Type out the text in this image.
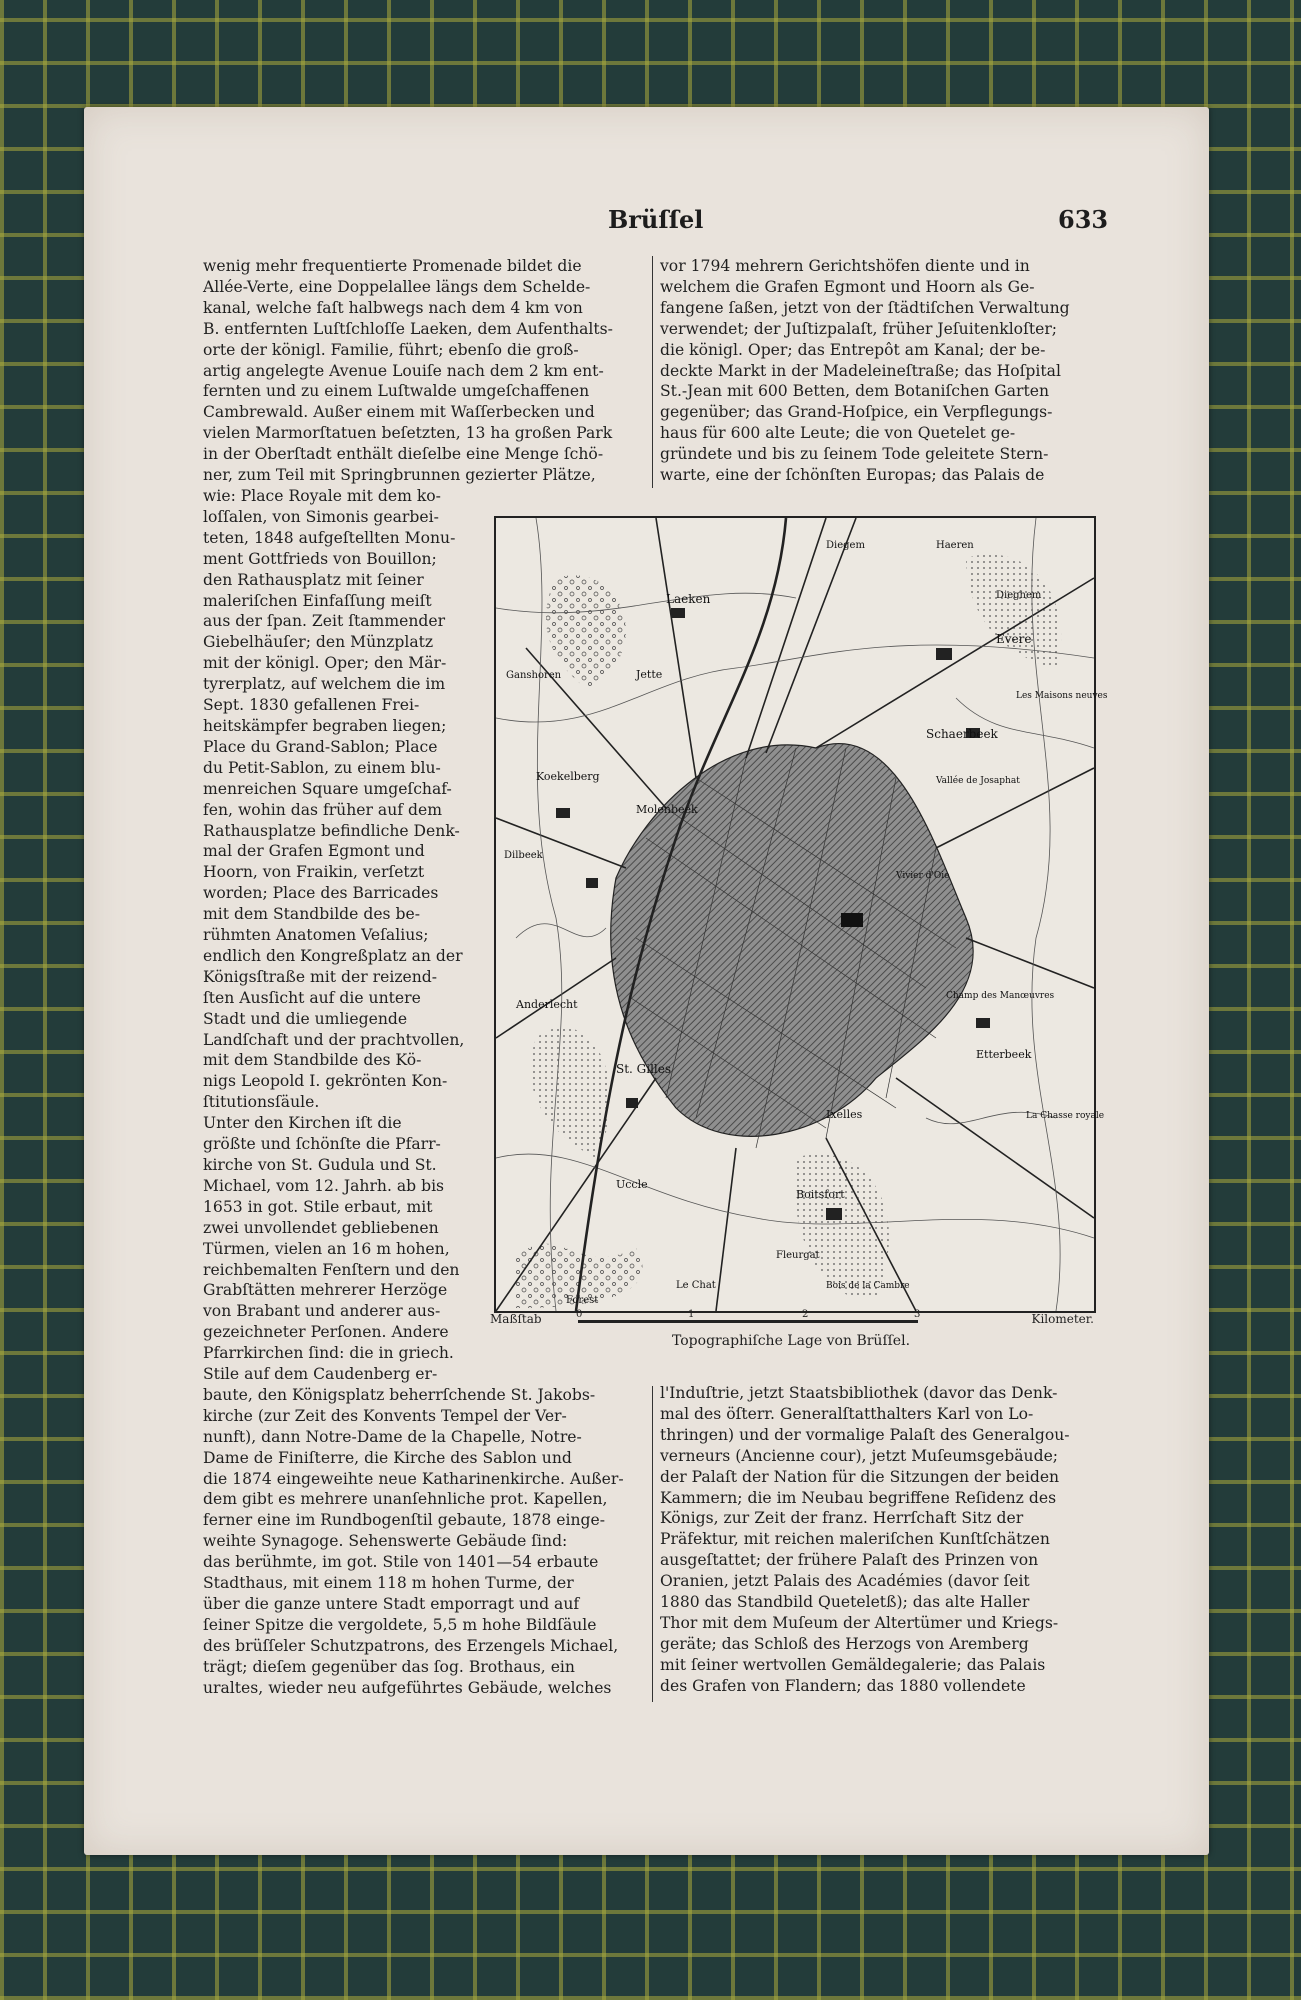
Brüſſel	633
wenig mehr frequentierte Promenade bildet die
Allée-Verte, eine Doppelallee längs dem Schelde-
kanal, welche faſt halbwegs nach dem 4 km von
B. entfernten Luſtſchloſſe Laeken, dem Aufenthalts-
orte der königl. Familie, führt; ebenſo die groß-
artig angelegte Avenue Louiſe nach dem 2 km ent-
fernten und zu einem Luſtwalde umgeſchaffenen
Cambrewald. Außer einem mit Waſſerbecken und
vielen Marmorſtatuen beſetzten, 13 ha großen Park
in der Oberſtadt enthält dieſelbe eine Menge ſchö-
ner, zum Teil mit Springbrunnen gezierter Plätze,
wie: Place Royale mit dem ko-
loſſalen, von Simonis gearbei-
teten, 1848 aufgeſtellten Monu-
ment Gottfrieds von Bouillon;
den Rathausplatz mit ſeiner
maleriſchen Einfaſſung meiſt
aus der ſpan. Zeit ſtammender
Giebelhäuſer; den Münzplatz
mit der königl. Oper; den Mär-
tyrerplatz, auf welchem die im
Sept. 1830 gefallenen Frei-
heitskämpfer begraben liegen;
Place du Grand-Sablon; Place
du Petit-Sablon, zu einem blu-
menreichen Square umgeſchaf-
fen, wohin das früher auf dem
Rathausplatze befindliche Denk-
mal der Grafen Egmont und
Hoorn, von Fraikin, verſetzt
worden; Place des Barricades
mit dem Standbilde des be-
rühmten Anatomen Veſalius;
endlich den Kongreßplatz an der
Königsſtraße mit der reizend-
ſten Ausſicht auf die untere
Stadt und die umliegende
Landſchaft und der prachtvollen,
mit dem Standbilde des Kö-
nigs Leopold I. gekrönten Kon-
ſtitutionsſäule.
Unter den Kirchen iſt die
größte und ſchönſte die Pfarr-
kirche von St. Gudula und St.
Michael, vom 12. Jahrh. ab bis
1653 in got. Stile erbaut, mit
zwei unvollendet gebliebenen
Türmen, vielen an 16 m hohen,
reichbemalten Fenſtern und den
Grabſtätten mehrerer Herzöge
von Brabant und anderer aus-
gezeichneter Perſonen. Andere
Pfarrkirchen ſind: die in griech.
Stile auf dem Caudenberg er-
baute, den Königsplatz beherrſchende St. Jakobs-
kirche (zur Zeit des Konvents Tempel der Ver-
nunft), dann Notre-Dame de la Chapelle, Notre-
Dame de Finiſterre, die Kirche des Sablon und
die 1874 eingeweihte neue Katharinenkirche. Außer-
dem gibt es mehrere unanſehnliche prot. Kapellen,
ferner eine im Rundbogenſtil gebaute, 1878 einge-
weihte Synagoge. Sehenswerte Gebäude ſind:
das berühmte, im got. Stile von 1401—54 erbaute
Stadthaus, mit einem 118 m hohen Turme, der
über die ganze untere Stadt emporragt und auf
ſeiner Spitze die vergoldete, 5,5 m hohe Bildſäule
des brüſſeler Schutzpatrons, des Erzengels Michael,
trägt; dieſem gegenüber das ſog. Brothaus, ein
uraltes, wieder neu aufgeführtes Gebäude, welches
vor 1794 mehrern Gerichtshöfen diente und in
welchem die Grafen Egmont und Hoorn als Ge-
fangene ſaßen, jetzt von der ſtädtiſchen Verwaltung
verwendet; der Juſtizpalaſt, früher Jeſuitenkloſter;
die königl. Oper; das Entrepôt am Kanal; der be-
deckte Markt in der Madeleineſtraße; das Hoſpital
St.-Jean mit 600 Betten, dem Botaniſchen Garten
gegenüber; das Grand-Hoſpice, ein Verpflegungs-
haus für 600 alte Leute; die von Quetelet ge-
gründete und bis zu ſeinem Tode geleitete Stern-
warte, eine der ſchönſten Europas; das Palais de
l'Induſtrie, jetzt Staatsbibliothek (davor das Denk-
mal des öſterr. Generalſtatthalters Karl von Lo-
thringen) und der vormalige Palaſt des Generalgou-
verneurs (Ancienne cour), jetzt Muſeumsgebäude;
der Palaſt der Nation für die Sitzungen der beiden
Kammern; die im Neubau begriffene Reſidenz des
Königs, zur Zeit der franz. Herrſchaft Sitz der
Präfektur, mit reichen maleriſchen Kunſtſchätzen
ausgeſtattet; der frühere Palaſt des Prinzen von
Oranien, jetzt Palais des Académies (davor ſeit
1880 das Standbild Queteletß); das alte Haller
Thor mit dem Muſeum der Altertümer und Kriegs-
geräte; das Schloß des Herzogs von Aremberg
mit ſeiner wertvollen Gemäldegalerie; das Palais
des Grafen von Flandern; das 1880 vollendete
Laeken
Schaerbeek
Evere
Molenbeek
Koekelberg
Anderlecht
Etterbeek
St. Gilles
Ixelles
Uccle
Forest
Le Chat
Boitsfort
Champ des Manœuvres
Vallée de Josaphat
Diegem	Haeren
Dieghem
Jette
Ganshoren
Dilbeek
La Chasse royale
Fleurgat
Bois de la Cambre
Vivier d'Oie
Les Maisons neuves
Maßſtab	0	1	2	3	Kilometer.
Topographiſche Lage von Brüſſel.
